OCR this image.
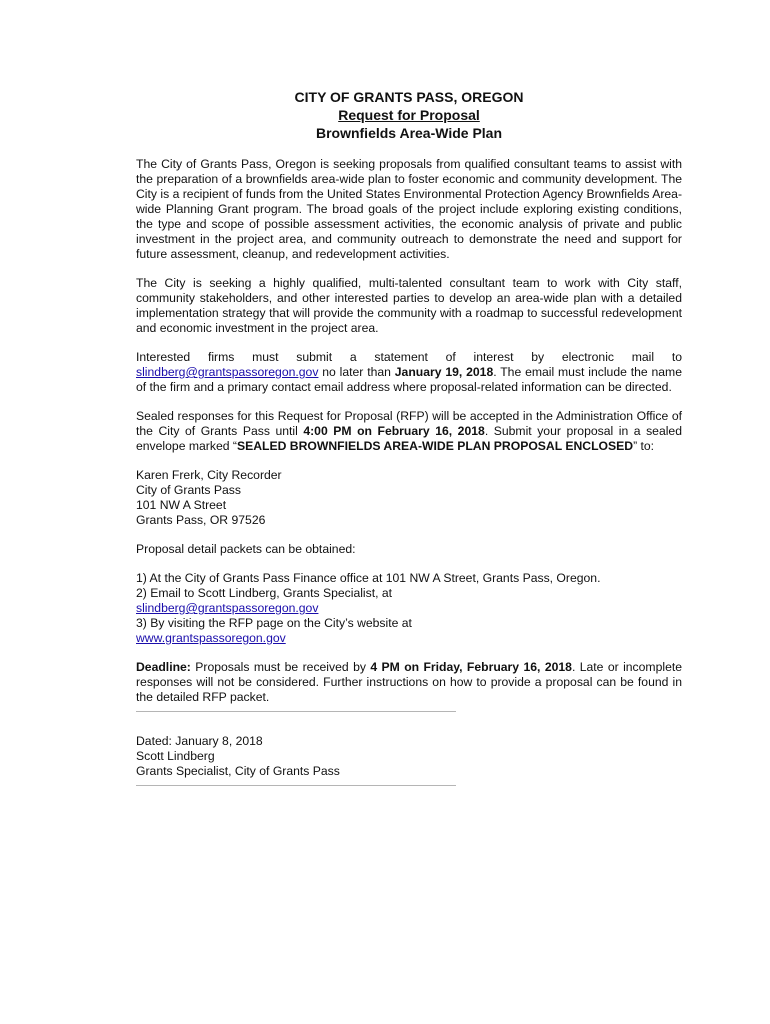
CITY OF GRANTS PASS, OREGON
Request for Proposal
Brownfields Area-Wide Plan

The City of Grants Pass, Oregon is seeking proposals from qualified consultant teams to assist with the preparation of a brownfields area-wide plan to foster economic and community development. The City is a recipient of funds from the United States Environmental Protection Agency Brownfields Area-wide Planning Grant program. The broad goals of the project include exploring existing conditions, the type and scope of possible assessment activities, the economic analysis of private and public investment in the project area, and community outreach to demonstrate the need and support for future assessment, cleanup, and redevelopment activities.

The City is seeking a highly qualified, multi-talented consultant team to work with City staff, community stakeholders, and other interested parties to develop an area-wide plan with a detailed implementation strategy that will provide the community with a roadmap to successful redevelopment and economic investment in the project area.

Interested firms must submit a statement of interest by electronic mail to slindberg@grantspassoregon.gov no later than January 19, 2018. The email must include the name of the firm and a primary contact email address where proposal-related information can be directed.

Sealed responses for this Request for Proposal (RFP) will be accepted in the Administration Office of the City of Grants Pass until 4:00 PM on February 16, 2018. Submit your proposal in a sealed envelope marked “SEALED BROWNFIELDS AREA-WIDE PLAN PROPOSAL ENCLOSED” to:

Karen Frerk, City Recorder
City of Grants Pass
101 NW A Street
Grants Pass, OR 97526

Proposal detail packets can be obtained:

1) At the City of Grants Pass Finance office at 101 NW A Street, Grants Pass, Oregon.
2) Email to Scott Lindberg, Grants Specialist, at
slindberg@grantspassoregon.gov
3) By visiting the RFP page on the City’s website at
www.grantspassoregon.gov

Deadline: Proposals must be received by 4 PM on Friday, February 16, 2018. Late or incomplete responses will not be considered. Further instructions on how to provide a proposal can be found in the detailed RFP packet.

Dated: January 8, 2018
Scott Lindberg
Grants Specialist, City of Grants Pass
